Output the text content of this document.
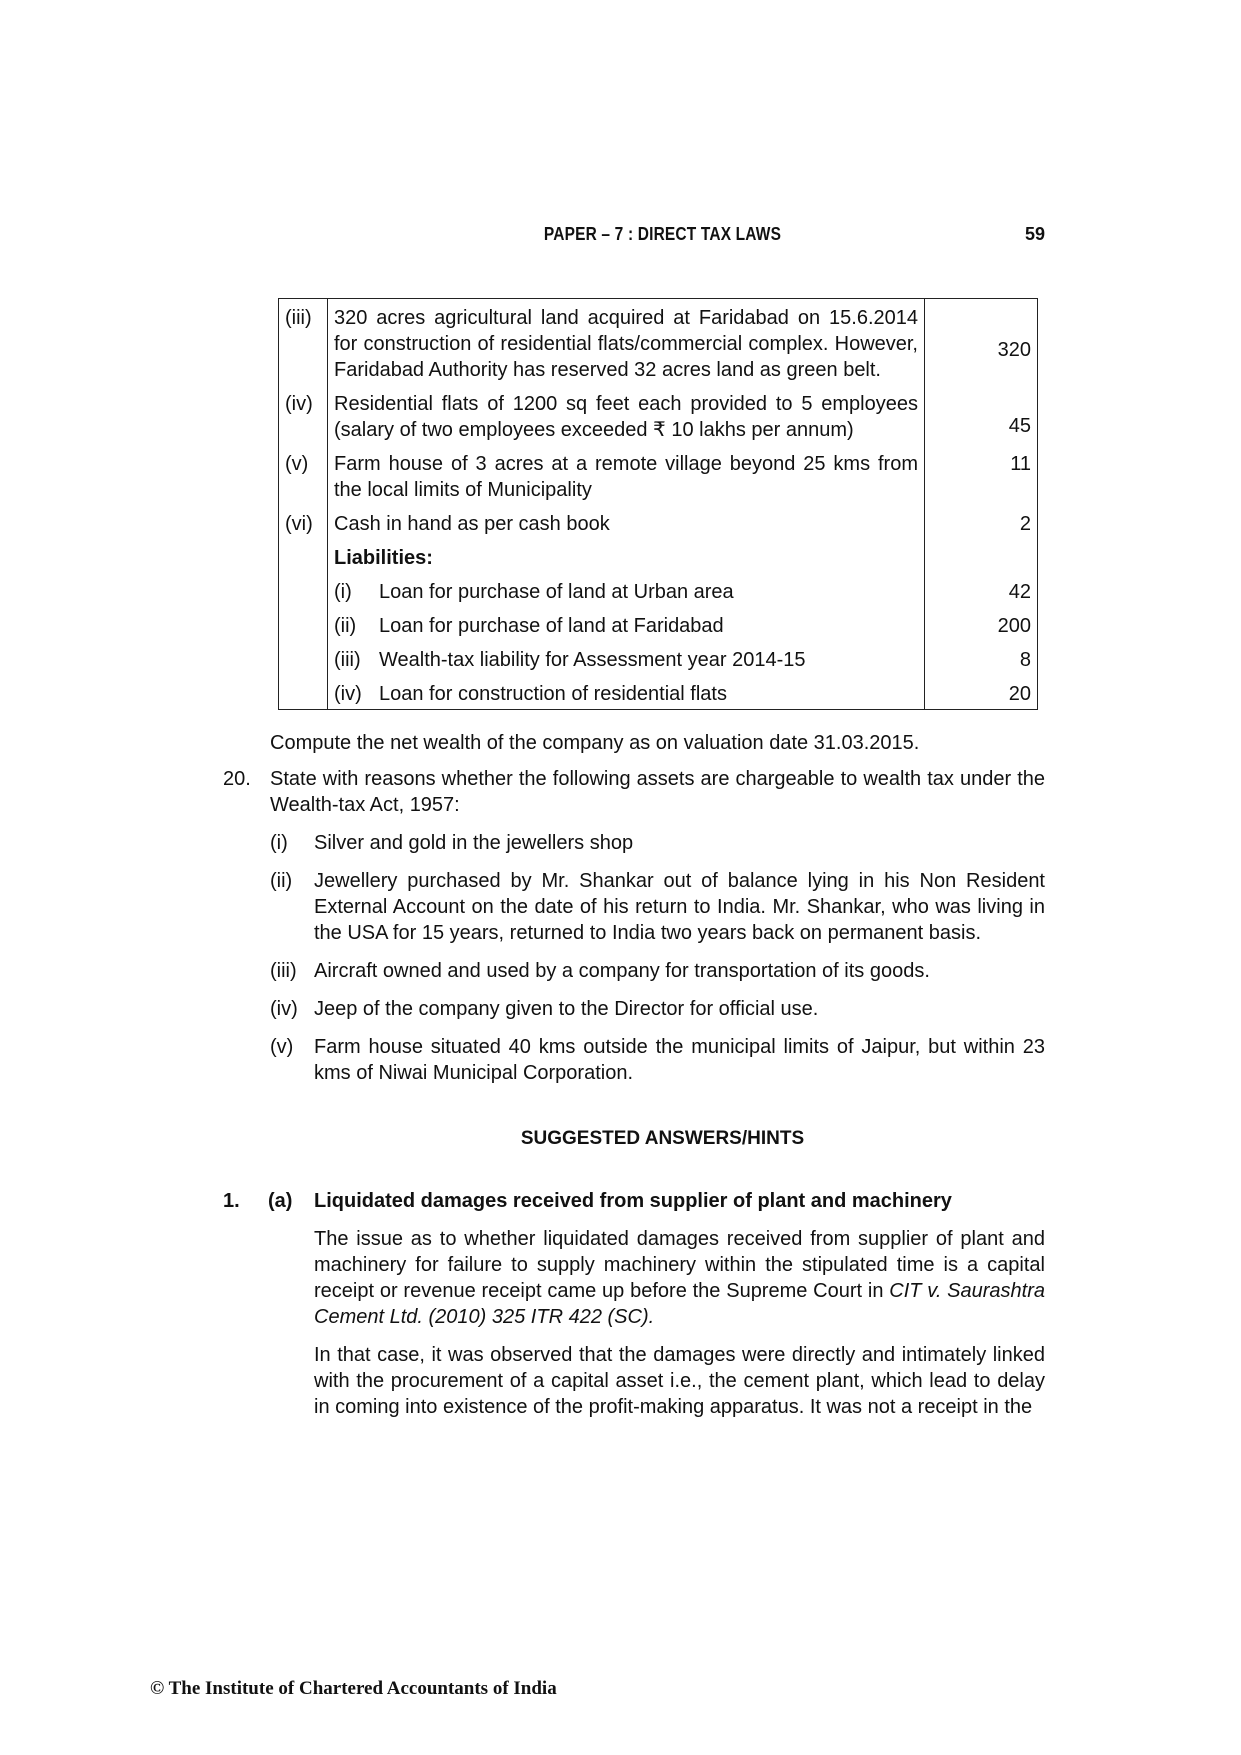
PAPER – 7 : DIRECT TAX LAWS	59
(iii)	320 acres agricultural land acquired at Faridabad on 15.6.2014 for construction of residential flats/commercial complex. However, Faridabad Authority has reserved 32 acres land as green belt.	320
(iv)	Residential flats of 1200 sq feet each provided to 5 employees (salary of two employees exceeded ₹ 10 lakhs per annum)	45
(v)	Farm house of 3 acres at a remote village beyond 25 kms from the local limits of Municipality	11
(vi)	Cash in hand as per cash book	2
	Liabilities:	

	(i) Loan for purchase of land at Urban area	42

	(ii) Loan for purchase of land at Faridabad	200

	(iii) Wealth-tax liability for Assessment year 2014-15	8

	(iv) Loan for construction of residential flats	20
Compute the net wealth of the company as on valuation date 31.03.2015.
20. State with reasons whether the following assets are chargeable to wealth tax under the Wealth-tax Act, 1957:
(i) Silver and gold in the jewellers shop
(ii) Jewellery purchased by Mr. Shankar out of balance lying in his Non Resident External Account on the date of his return to India. Mr. Shankar, who was living in the USA for 15 years, returned to India two years back on permanent basis.
(iii) Aircraft owned and used by a company for transportation of its goods.
(iv) Jeep of the company given to the Director for official use.
(v) Farm house situated 40 kms outside the municipal limits of Jaipur, but within 23 kms of Niwai Municipal Corporation.
SUGGESTED ANSWERS/HINTS
1. (a) Liquidated damages received from supplier of plant and machinery
The issue as to whether liquidated damages received from supplier of plant and machinery for failure to supply machinery within the stipulated time is a capital receipt or revenue receipt came up before the Supreme Court in CIT v. Saurashtra Cement Ltd. (2010) 325 ITR 422 (SC).
In that case, it was observed that the damages were directly and intimately linked with the procurement of a capital asset i.e., the cement plant, which lead to delay in coming into existence of the profit-making apparatus. It was not a receipt in the
© The Institute of Chartered Accountants of India
